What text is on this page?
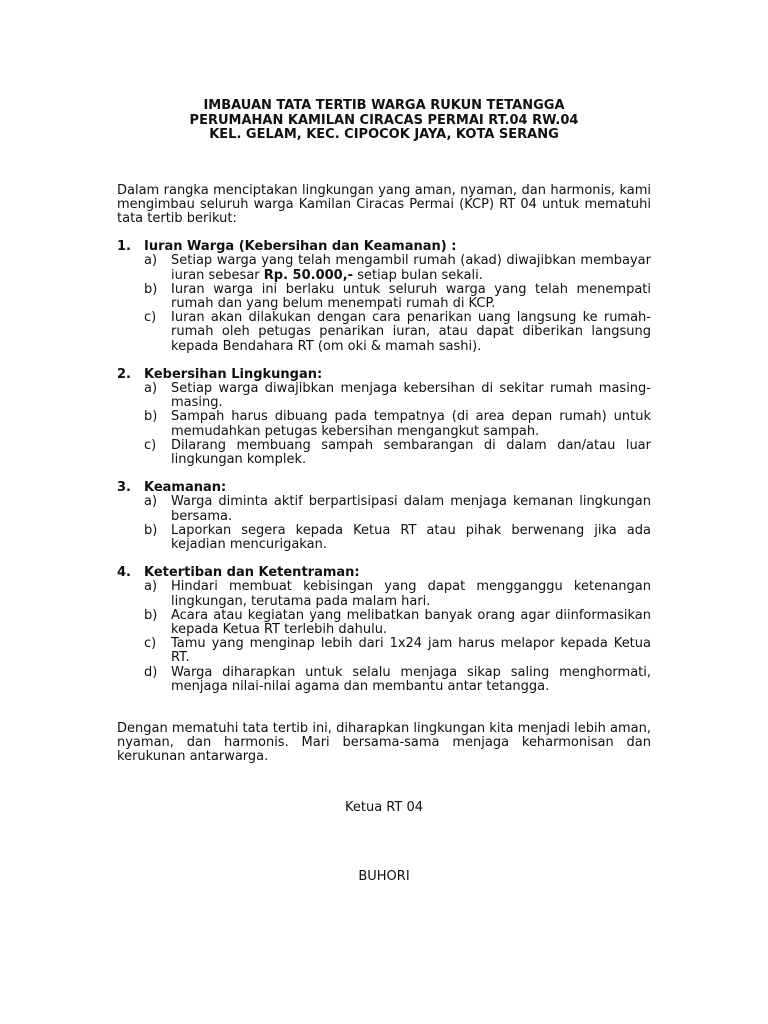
IMBAUAN TATA TERTIB WARGA RUKUN TETANGGA

PERUMAHAN KAMILAN CIRACAS PERMAI RT.04 RW.04

KEL. GELAM, KEC. CIPOCOK JAYA, KOTA SERANG

Dalam rangka menciptakan lingkungan yang aman, nyaman, dan harmonis, kami mengimbau seluruh warga Kamilan Ciracas Permai (KCP) RT 04 untuk mematuhi tata tertib berikut:

1.	Iuran Warga (Kebersihan dan Keamanan) :
a)	Setiap warga yang telah mengambil rumah (akad) diwajibkan membayar iuran sebesar Rp. 50.000,- setiap bulan sekali.
b)	Iuran warga ini berlaku untuk seluruh warga yang telah menempati rumah dan yang belum menempati rumah di KCP.
c)	Iuran akan dilakukan dengan cara penarikan uang langsung ke rumah-rumah oleh petugas penarikan iuran, atau dapat diberikan langsung kepada Bendahara RT (om oki & mamah sashi).
2.	Kebersihan Lingkungan:
a)	Setiap warga diwajibkan menjaga kebersihan di sekitar rumah masing-masing.
b)	Sampah harus dibuang pada tempatnya (di area depan rumah) untuk memudahkan petugas kebersihan mengangkut sampah.
c)	Dilarang membuang sampah sembarangan di dalam dan/atau luar lingkungan komplek.
3.	Keamanan:
a)	Warga diminta aktif berpartisipasi dalam menjaga kemanan lingkungan bersama.
b)	Laporkan segera kepada Ketua RT atau pihak berwenang jika ada kejadian mencurigakan.
4.	Ketertiban dan Ketentraman:
a)	Hindari membuat kebisingan yang dapat mengganggu ketenangan lingkungan, terutama pada malam hari.
b)	Acara atau kegiatan yang melibatkan banyak orang agar diinformasikan kepada Ketua RT terlebih dahulu.
c)	Tamu yang menginap lebih dari 1x24 jam harus melapor kepada Ketua RT.
d)	Warga diharapkan untuk selalu menjaga sikap saling menghormati, menjaga nilai-nilai agama dan membantu antar tetangga.

Dengan mematuhi tata tertib ini, diharapkan lingkungan kita menjadi lebih aman, nyaman, dan harmonis. Mari bersama-sama menjaga keharmonisan dan kerukunan antarwarga.

Ketua RT 04
BUHORI
